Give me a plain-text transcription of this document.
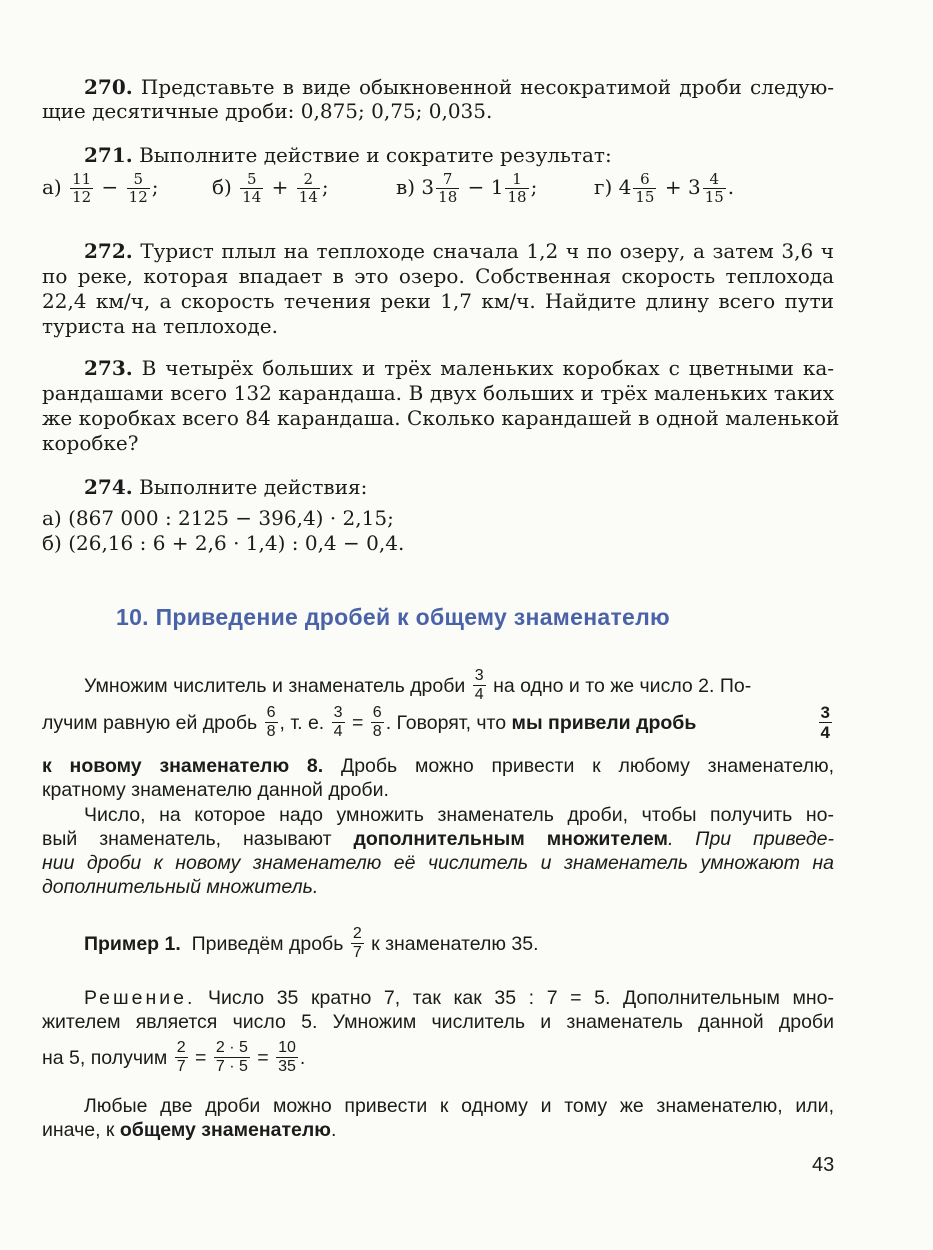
270. Представьте в виде обыкновенной несократимой дроби следую-
щие десятичные дроби: 0,875; 0,75; 0,035.
271. Выполните действие и сократите результат:
$а) \frac{11}{12} - \frac{5}{12}$ ;	$б) \frac{5}{14} + \frac{2}{14}$ ;	в) $3 \frac{7}{18} - 1 \frac{1}{18}$ ;	г) $4 \frac{6}{15} + 3 \frac{4}{15}$ .
272. Турист плыл на теплоходе сначала 1,2 ч по озеру, а затем 3,6 ч
по реке, которая впадает в это озеро. Собственная скорость теплохода
22,4 км/ч, а скорость течения реки 1,7 км/ч. Найдите длину всего пути
туриста на теплоходе.
273. В четырёх больших и трёх маленьких коробках с цветными ка-
рандашами всего 132 карандаша. В двух больших и трёх маленьких таких
же коробках всего 84 карандаша. Сколько карандашей в одной маленькой
коробке?
274. Выполните действия:
а) (867 000 : 2125 − 396,4) · 2,15;
б) (26,16 : 6 + 2,6 · 1,4) : 0,4 − 0,4.
10. Приведение дробей к общему знаменателю
Умножим числитель и знаменатель дроби
$\frac{3}{4}$
на одно и то же число 2. По-
лучим равную ей дробь
$\frac{6}{8}$ , т. е.
$\frac{3}{4}$
=
$\frac{6}{8}$ . Говорят, что
мы привели дробь	$\frac{3}{4}$
к новому знаменателю 8. Дробь можно привести к любому знаменателю,
кратному знаменателю данной дроби.
Число, на которое надо умножить знаменатель дроби, чтобы получить но-
вый знаменатель, называют дополнительным множителем. При приведе-
нии дроби к новому знаменателю её числитель и знаменатель умножают на
дополнительный множитель.
Пример 1.
Приведём дробь
$\frac{2}{7}$
к знаменателю 35.
Решение. Число 35 кратно 7, так как 35 : 7 = 5. Дополнительным мно-
жителем является число 5. Умножим числитель и знаменатель данной дроби
на 5, получим
$\frac{2}{7}$
=
$\frac{2 \cdot 5}{7 \cdot 5}$
=
$\frac{10}{35}$ .
Любые две дроби можно привести к одному и тому же знаменателю, или,
иначе, к общему знаменателю.
43
